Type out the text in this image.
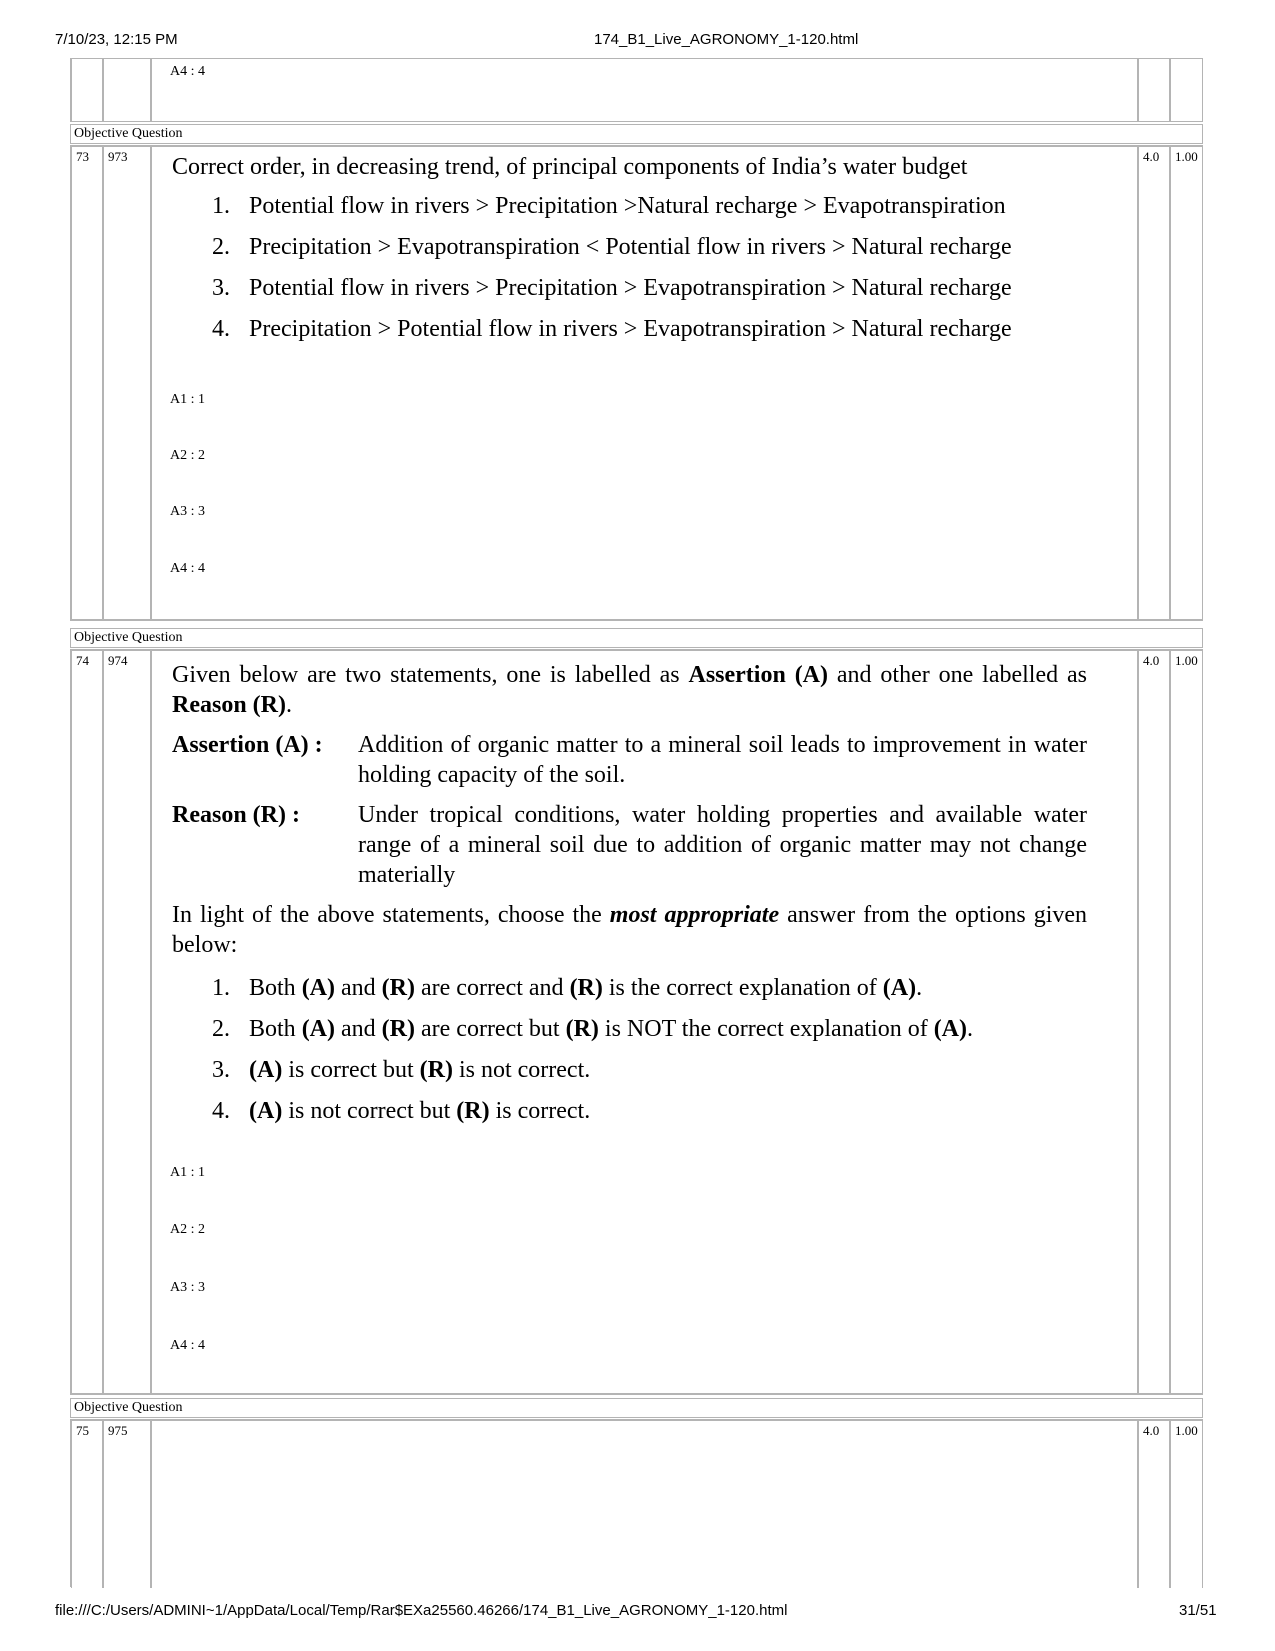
7/10/23, 12:15 PM	174_B1_Live_AGRONOMY_1-120.html
A4 : 4
Objective Question
73	973	4.0	1.00

Correct order, in decreasing trend, of principal components of India’s water budget

1. Potential flow in rivers > Precipitation >Natural recharge > Evapotranspiration
2. Precipitation > Evapotranspiration < Potential flow in rivers > Natural recharge
3. Potential flow in rivers > Precipitation > Evapotranspiration > Natural recharge
4. Precipitation > Potential flow in rivers > Evapotranspiration > Natural recharge
A1 : 1
A2 : 2
A3 : 3
A4 : 4
Objective Question
74	974	4.0	1.00

Given below are two statements, one is labelled as Assertion (A) and other one labelled as Reason (R).

Assertion (A) :	Addition of organic matter to a mineral soil leads to improvement in water holding capacity of the soil.
Reason (R) :	Under tropical conditions, water holding properties and available water range of a mineral soil due to addition of organic matter may not change materially

In light of the above statements, choose the most appropriate answer from the options given below:

1. Both (A) and (R) are correct and (R) is the correct explanation of (A).
2. Both (A) and (R) are correct but (R) is NOT the correct explanation of (A).
3. (A) is correct but (R) is not correct.
4. (A) is not correct but (R) is correct.
A1 : 1
A2 : 2
A3 : 3
A4 : 4
Objective Question
75	975	4.0	1.00
file:///C:/Users/ADMINI~1/AppData/Local/Temp/Rar$EXa25560.46266/174_B1_Live_AGRONOMY_1-120.html	31/51
